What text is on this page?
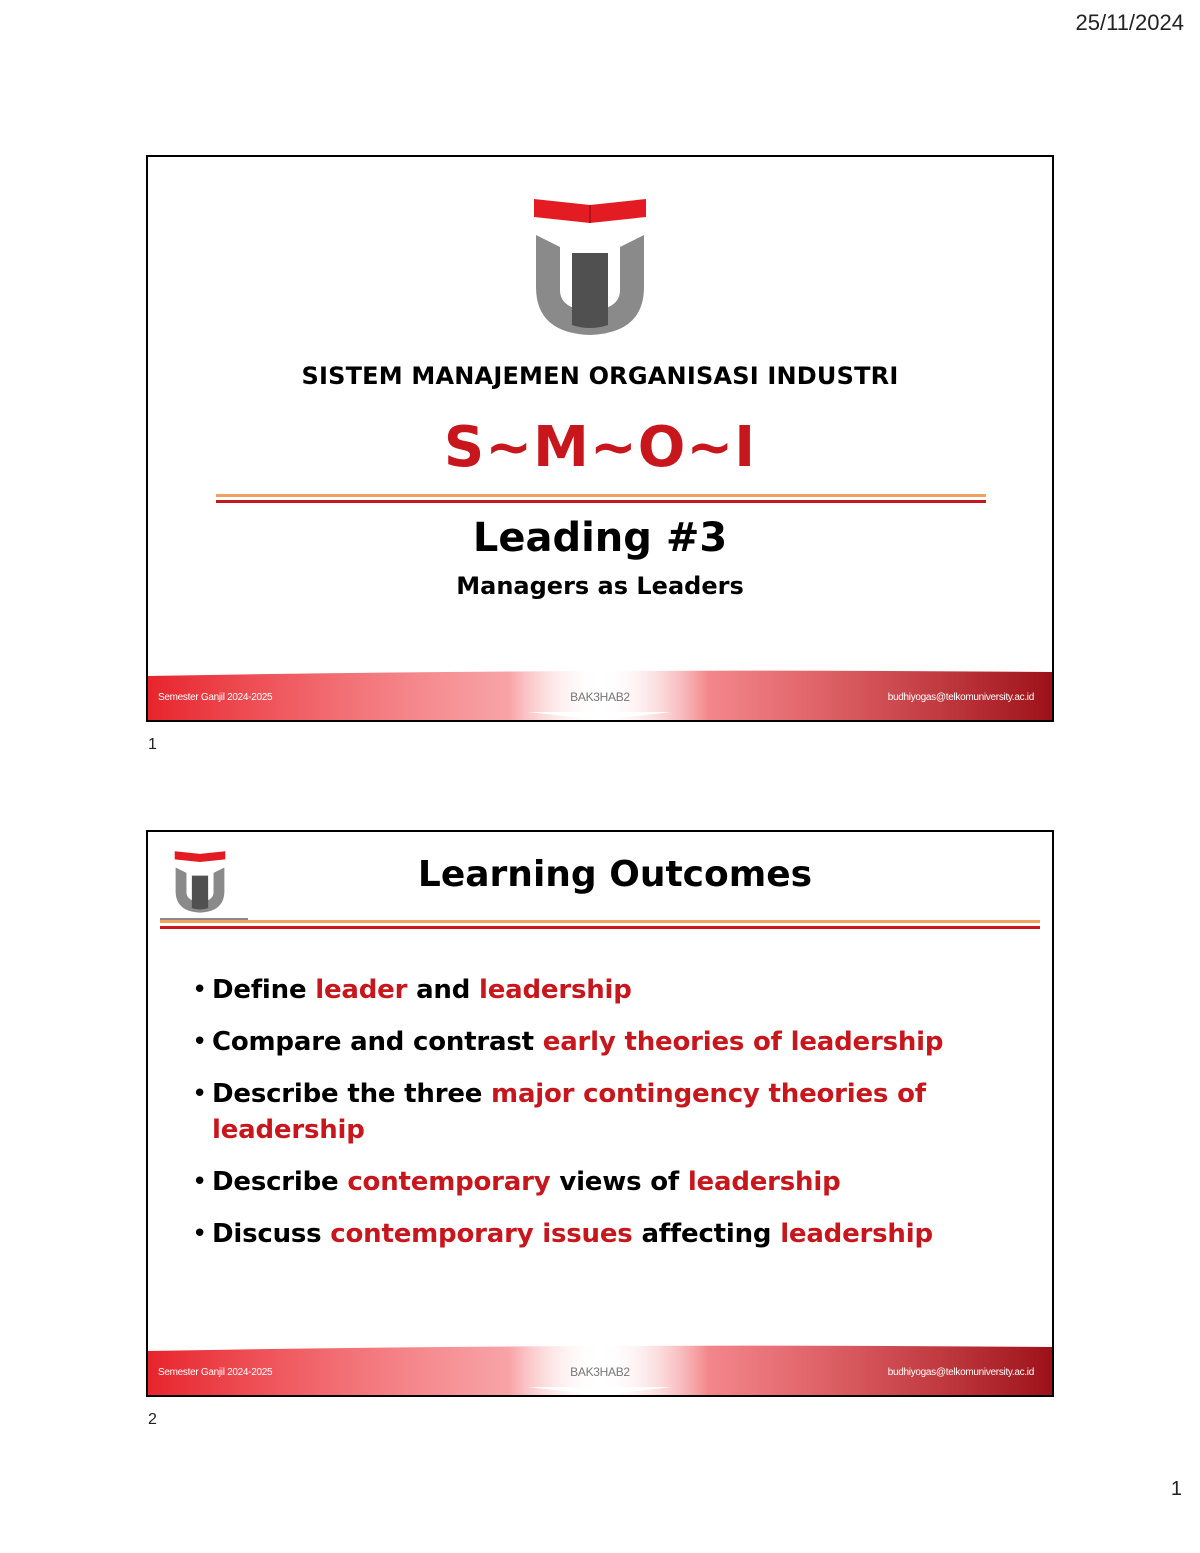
25/11/2024
SISTEM MANAJEMEN ORGANISASI INDUSTRI
S~M~O~I
Leading #3
Managers as Leaders
Semester Ganjil 2024-2025	BAK3HAB2	budhiyogas@telkomuniversity.ac.id
1
Learning Outcomes
• Define leader and leadership
• Compare and contrast early theories of leadership
• Describe the three major contingency theories of leadership
• Describe contemporary views of leadership
• Discuss contemporary issues affecting leadership
Semester Ganjil 2024-2025	BAK3HAB2	budhiyogas@telkomuniversity.ac.id
2
1
